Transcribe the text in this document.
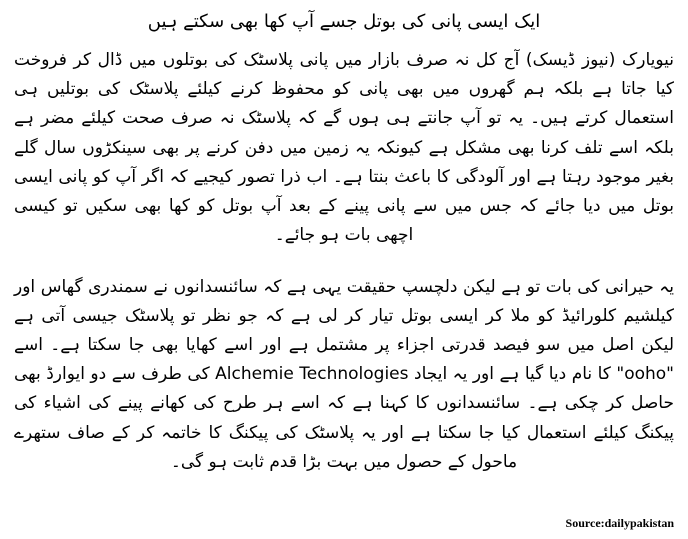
ایک ایسی پانی کی بوتل جسے آپ کھا بھی سکتے ہیں

نیویارک (نیوز ڈیسک) آج کل نہ صرف بازار میں پانی پلاسٹک کی بوتلوں میں ڈال کر فروخت کیا جاتا ہے بلکہ ہم گھروں میں بھی پانی کو محفوظ کرنے کیلئے پلاسٹک کی بوتلیں ہی استعمال کرتے ہیں۔ یہ تو آپ جانتے ہی ہوں گے کہ پلاسٹک نہ صرف صحت کیلئے مضر ہے بلکہ اسے تلف کرنا بھی مشکل ہے کیونکہ یہ زمین میں دفن کرنے پر بھی سینکڑوں سال گلے بغیر موجود رہتا ہے اور آلودگی کا باعث بنتا ہے۔ اب ذرا تصور کیجیے کہ اگر آپ کو پانی ایسی بوتل میں دیا جائے کہ جس میں سے پانی پینے کے بعد آپ بوتل کو کھا بھی سکیں تو کیسی اچھی بات ہو جائے۔

یہ حیرانی کی بات تو ہے لیکن دلچسپ حقیقت یہی ہے کہ سائنسدانوں نے سمندری گھاس اور کیلشیم کلورائیڈ کو ملا کر ایسی بوتل تیار کر لی ہے کہ جو نظر تو پلاسٹک جیسی آتی ہے لیکن اصل میں سو فیصد قدرتی اجزاء پر مشتمل ہے اور اسے کھایا بھی جا سکتا ہے۔ اسے "ooho" کا نام دیا گیا ہے اور یہ ایجاد Alchemie Technologies کی طرف سے دو ایوارڈ بھی حاصل کر چکی ہے۔ سائنسدانوں کا کہنا ہے کہ اسے ہر طرح کی کھانے پینے کی اشیاء کی پیکنگ کیلئے استعمال کیا جا سکتا ہے اور یہ پلاسٹک کی پیکنگ کا خاتمہ کر کے صاف ستھرے ماحول کے حصول میں بہت بڑا قدم ثابت ہو گی۔

Source:dailypakistan
